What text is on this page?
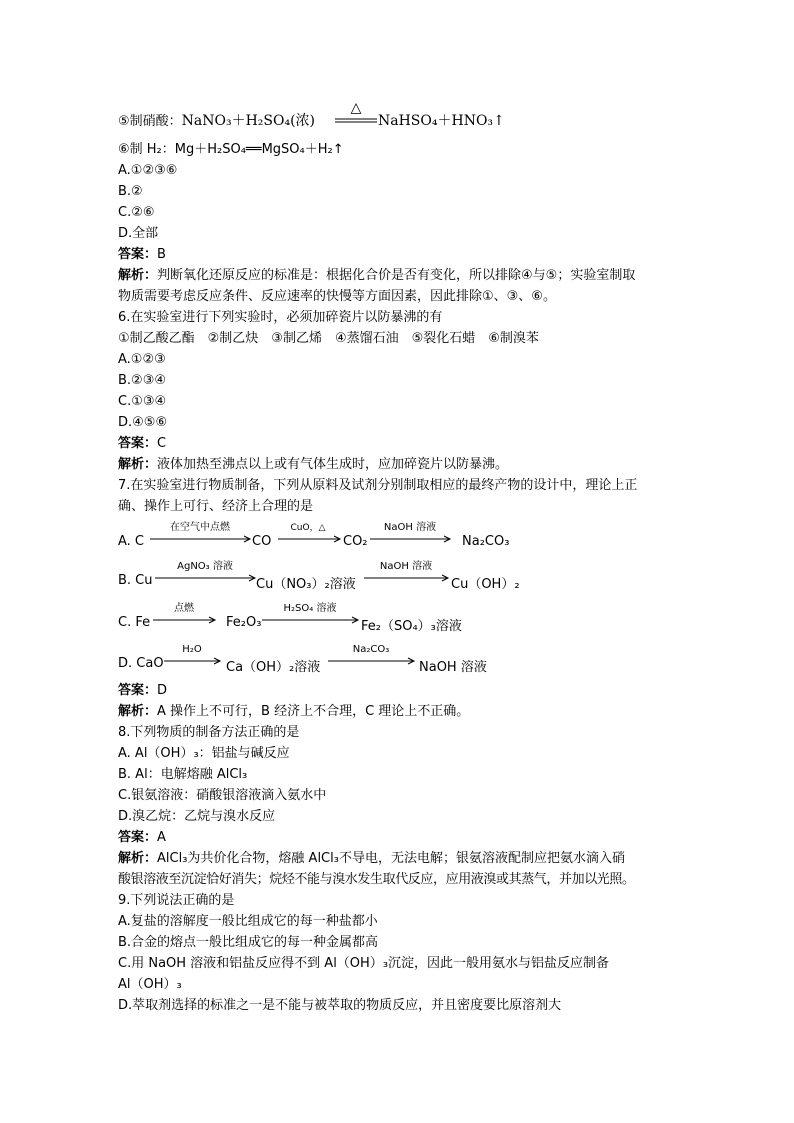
⑤制硝酸：NaNO₃＋H₂SO₄(浓)
△
NaHSO₄＋HNO₃↑
⑥制 H₂：Mg＋H₂SO₄══MgSO₄＋H₂↑
A.①②③⑥
B.②
C.②⑥
D.全部
答案：B
解析：判断氧化还原反应的标准是：根据化合价是否有变化，所以排除④与⑤；实验室制取
物质需要考虑反应条件、反应速率的快慢等方面因素，因此排除①、③、⑥。
6.在实验室进行下列实验时，必须加碎瓷片以防暴沸的有
①制乙酸乙酯　②制乙炔　③制乙烯　④蒸馏石油　⑤裂化石蜡　⑥制溴苯
A.①②③
B.②③④
C.①③④
D.④⑤⑥
答案：C
解析：液体加热至沸点以上或有气体生成时，应加碎瓷片以防暴沸。
7.在实验室进行物质制备，下列从原料及试剂分别制取相应的最终产物的设计中，理论上正
确、操作上可行、经济上合理的是
A. C	CO	CO₂	Na₂CO₃
在空气中点燃	CuO，△	NaOH 溶液
B. Cu	Cu（NO₃）₂溶液	Cu（OH）₂
AgNO₃ 溶液	NaOH 溶液
C. Fe	Fe₂O₃	Fe₂（SO₄）₃溶液
点燃	H₂SO₄ 溶液
D. CaO	Ca（OH）₂溶液	NaOH 溶液
H₂O	Na₂CO₃
答案：D
解析：A 操作上不可行，B 经济上不合理，C 理论上不正确。
8.下列物质的制备方法正确的是
A. Al（OH）₃：铝盐与碱反应
B. Al：电解熔融 AlCl₃
C.银氨溶液：硝酸银溶液滴入氨水中
D.溴乙烷：乙烷与溴水反应
答案：A
解析：AlCl₃为共价化合物，熔融 AlCl₃不导电，无法电解；银氨溶液配制应把氨水滴入硝
酸银溶液至沉淀恰好消失；烷烃不能与溴水发生取代反应，应用液溴或其蒸气，并加以光照。
9.下列说法正确的是
A.复盐的溶解度一般比组成它的每一种盐都小
B.合金的熔点一般比组成它的每一种金属都高
C.用 NaOH 溶液和铝盐反应得不到 Al（OH）₃沉淀，因此一般用氨水与铝盐反应制备
Al（OH）₃
D.萃取剂选择的标准之一是不能与被萃取的物质反应，并且密度要比原溶剂大
